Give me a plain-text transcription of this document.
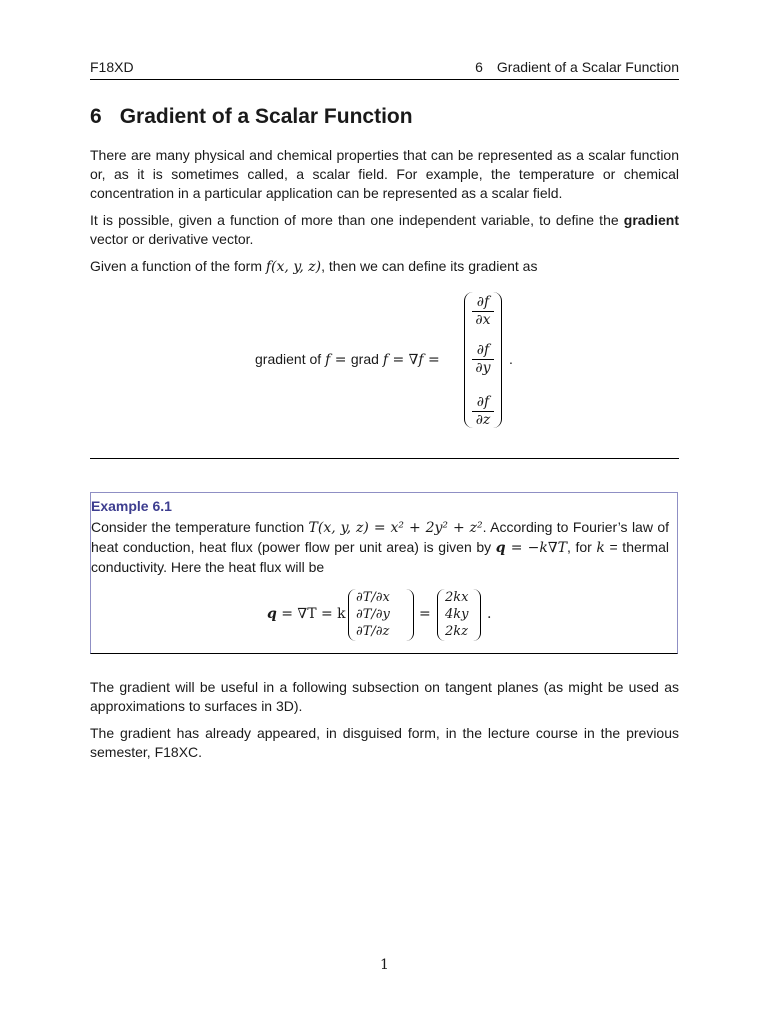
F18XD	6 Gradient of a Scalar Function
6 Gradient of a Scalar Function

There are many physical and chemical properties that can be represented as a scalar function or, as it is sometimes called, a scalar field. For example, the temperature or chemical concentration in a particular application can be represented as a scalar field.

It is possible, given a function of more than one independent variable, to define the gradient vector or derivative vector.

Given a function of the form f(x, y, z), then we can define its gradient as

gradient of f = grad f = ∇f =
$\frac{\partial f}{\partial x}$
$\frac{\partial f}{\partial y}$
$\frac{\partial f}{\partial z}$
.
Example 6.1

Consider the temperature function T(x, y, z) = x² + 2y² + z². According to Fourier’s law of heat conduction, heat flux (power flow per unit area) is given by q = −k∇T, for k = thermal conductivity. Here the heat flux will be

q = ∇T = k
∂T/∂x
∂T/∂y
∂T/∂z
=
2kx
4ky
2kz
.

The gradient will be useful in a following subsection on tangent planes (as might be used as approximations to surfaces in 3D).

The gradient has already appeared, in disguised form, in the lecture course in the previous semester, F18XC.

1
